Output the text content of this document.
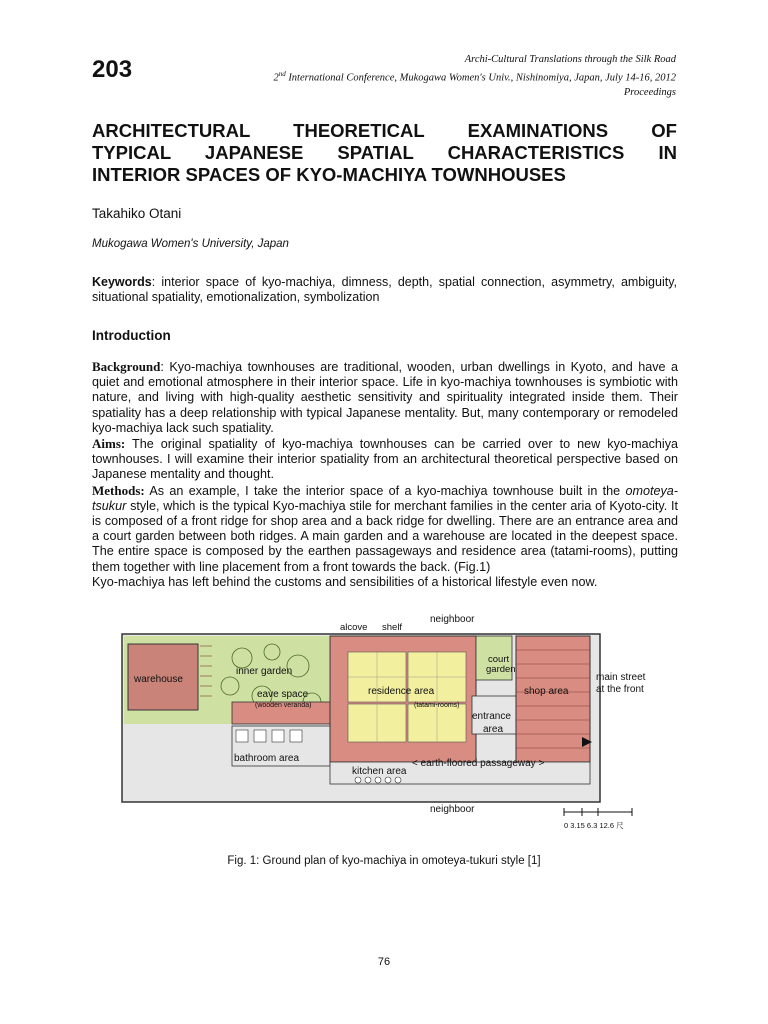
203	Archi-Cultural Translations through the Silk Road
2nd International Conference, Mukogawa Women's Univ., Nishinomiya, Japan, July 14-16, 2012
Proceedings
ARCHITECTURAL THEORETICAL EXAMINATIONS OF
TYPICAL JAPANESE SPATIAL CHARACTERISTICS IN
INTERIOR SPACES OF KYO-MACHIYA TOWNHOUSES
Takahiko Otani
Mukogawa Women's University, Japan
Keywords: interior space of kyo-machiya, dimness, depth, spatial connection, asymmetry, ambiguity, situational spatiality, emotionalization, symbolization
Introduction

Background: Kyo-machiya townhouses are traditional, wooden, urban dwellings in Kyoto, and have a quiet and emotional atmosphere in their interior space. Life in kyo-machiya townhouses is symbiotic with nature, and living with high-quality aesthetic sensitivity and spirituality integrated inside them. Their spatiality has a deep relationship with typical Japanese mentality. But, many contemporary or remodeled kyo-machiya lack such spatiality.

Aims: The original spatiality of kyo-machiya townhouses can be carried over to new kyo-machiya townhouses. I will examine their interior spatiality from an architectural theoretical perspective based on Japanese mentality and thought.

Methods: As an example, I take the interior space of a kyo-machiya townhouse built in the omoteya-tsukur style, which is the typical Kyo-machiya stile for merchant families in the center aria of Kyoto-city. It is composed of a front ridge for shop area and a back ridge for dwelling. There are an entrance area and a court garden between both ridges. A main garden and a warehouse are located in the deepest space. The entire space is composed by the earthen passageways and residence area (tatami-rooms), putting them together with line placement from a front towards the back. (Fig.1)

Kyo-machiya has left behind the customs and sensibilities of a historical lifestyle even now.

neighboor
neighboor
alcove shelf
warehouse
inner garden
eave space
(wooden veranda)
residence area
(tatami-rooms)
court
garden
shop area
main street
at the front
entrance
area
bathroom area
kitchen area
< earth-floored passageway >
0 3.15 6.3 12.6 尺
Fig. 1: Ground plan of kyo-machiya in omoteya-tukuri style [1]
76
